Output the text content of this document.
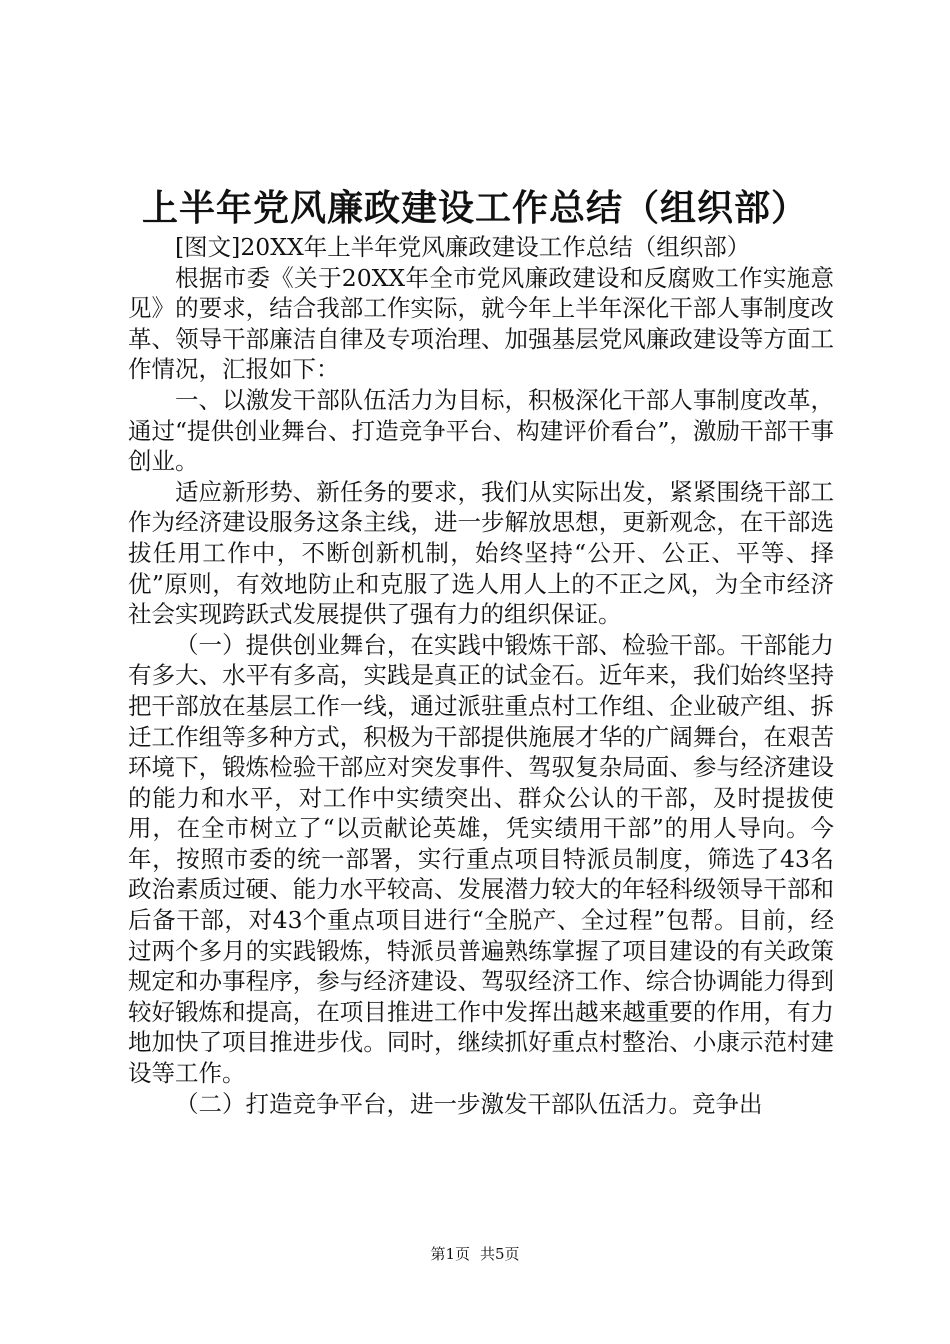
上半年党风廉政建设工作总结（组织部）

[图文]20XX年上半年党风廉政建设工作总结（组织部）

根据市委《关于20XX年全市党风廉政建设和反腐败工作实施意见》的要求，结合我部工作实际，就今年上半年深化干部人事制度改革、领导干部廉洁自律及专项治理、加强基层党风廉政建设等方面工作情况，汇报如下：

一、以激发干部队伍活力为目标，积极深化干部人事制度改革，通过“提供创业舞台、打造竞争平台、构建评价看台”，激励干部干事创业。

适应新形势、新任务的要求，我们从实际出发，紧紧围绕干部工作为经济建设服务这条主线，进一步解放思想，更新观念，在干部选拔任用工作中，不断创新机制，始终坚持“公开、公正、平等、择优”原则，有效地防止和克服了选人用人上的不正之风，为全市经济社会实现跨跃式发展提供了强有力的组织保证。

（一）提供创业舞台，在实践中锻炼干部、检验干部。干部能力有多大、水平有多高，实践是真正的试金石。近年来，我们始终坚持把干部放在基层工作一线，通过派驻重点村工作组、企业破产组、拆迁工作组等多种方式，积极为干部提供施展才华的广阔舞台，在艰苦环境下，锻炼检验干部应对突发事件、驾驭复杂局面、参与经济建设的能力和水平，对工作中实绩突出、群众公认的干部，及时提拔使用，在全市树立了“以贡献论英雄，凭实绩用干部”的用人导向。今年，按照市委的统一部署，实行重点项目特派员制度，筛选了43名政治素质过硬、能力水平较高、发展潜力较大的年轻科级领导干部和后备干部，对43个重点项目进行“全脱产、全过程”包帮。目前，经过两个多月的实践锻炼，特派员普遍熟练掌握了项目建设的有关政策规定和办事程序，参与经济建设、驾驭经济工作、综合协调能力得到较好锻炼和提高，在项目推进工作中发挥出越来越重要的作用，有力地加快了项目推进步伐。同时，继续抓好重点村整治、小康示范村建设等工作。

（二）打造竞争平台，进一步激发干部队伍活力。竞争出

第1页 共5页
